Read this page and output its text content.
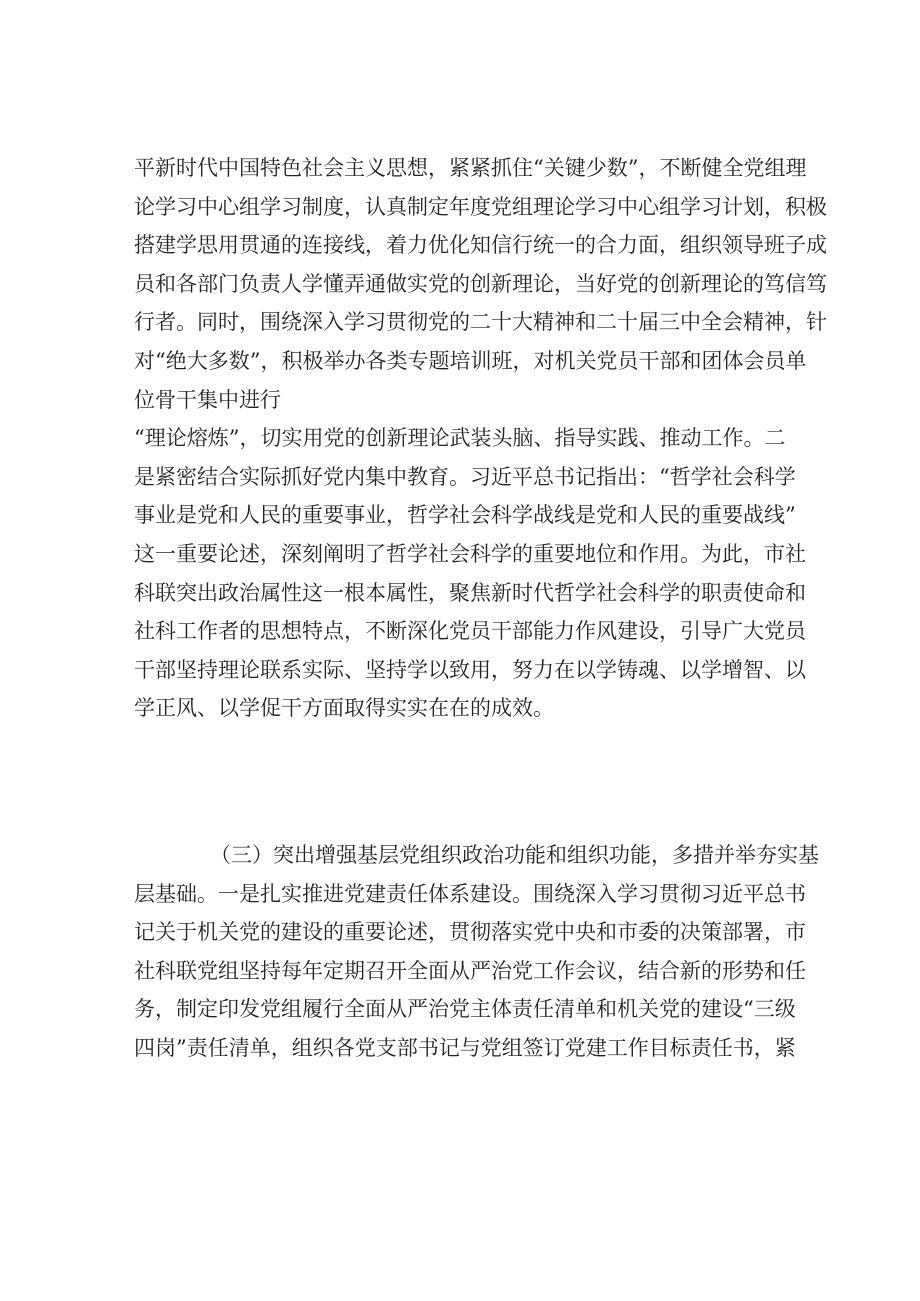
平新时代中国特色社会主义思想，紧紧抓住“关键少数”，不断健全党组理
论学习中心组学习制度，认真制定年度党组理论学习中心组学习计划，积极
搭建学思用贯通的连接线，着力优化知信行统一的合力面，组织领导班子成
员和各部门负责人学懂弄通做实党的创新理论，当好党的创新理论的笃信笃
行者。同时，围绕深入学习贯彻党的二十大精神和二十届三中全会精神，针
对“绝大多数”，积极举办各类专题培训班，对机关党员干部和团体会员单
位骨干集中进行
“理论熔炼”，切实用党的创新理论武装头脑、指导实践、推动工作。二
是紧密结合实际抓好党内集中教育。习近平总书记指出：“哲学社会科学
事业是党和人民的重要事业，哲学社会科学战线是党和人民的重要战线”
这一重要论述，深刻阐明了哲学社会科学的重要地位和作用。为此，市社
科联突出政治属性这一根本属性，聚焦新时代哲学社会科学的职责使命和
社科工作者的思想特点，不断深化党员干部能力作风建设，引导广大党员
干部坚持理论联系实际、坚持学以致用，努力在以学铸魂、以学增智、以
学正风、以学促干方面取得实实在在的成效。
（三）突出增强基层党组织政治功能和组织功能，多措并举夯实基
层基础。一是扎实推进党建责任体系建设。围绕深入学习贯彻习近平总书
记关于机关党的建设的重要论述，贯彻落实党中央和市委的决策部署，市
社科联党组坚持每年定期召开全面从严治党工作会议，结合新的形势和任
务，制定印发党组履行全面从严治党主体责任清单和机关党的建设“三级
四岗”责任清单，组织各党支部书记与党组签订党建工作目标责任书，紧
